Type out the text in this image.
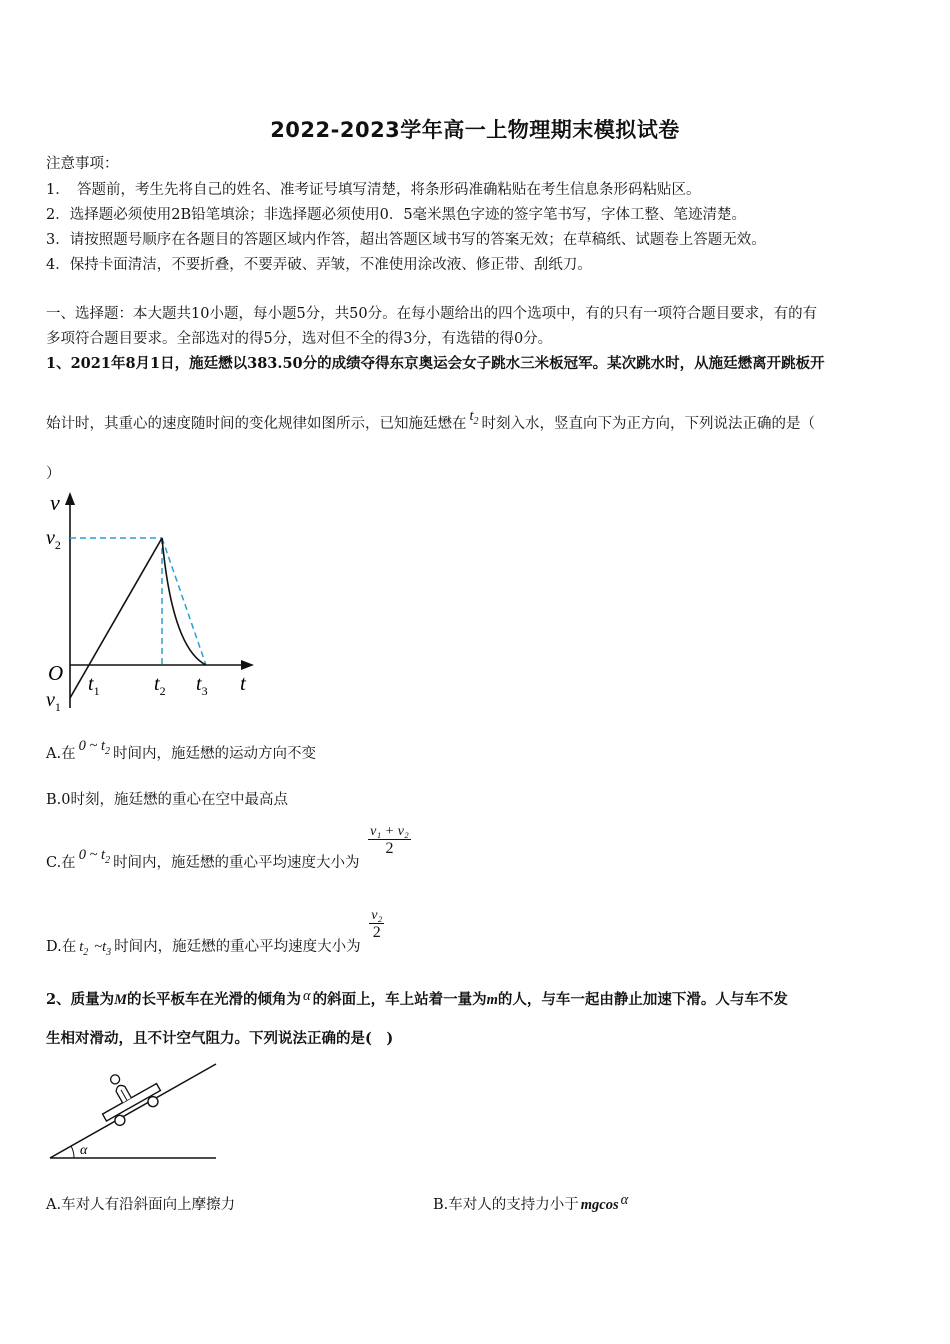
2022-2023学年高一上物理期末模拟试卷
注意事项：
1．　答题前，考生先将自己的姓名、准考证号填写清楚，将条形码准确粘贴在考生信息条形码粘贴区。
2．选择题必须使用2B铅笔填涂；非选择题必须使用0．5毫米黑色字迹的签字笔书写，字体工整、笔迹清楚。
3．请按照题号顺序在各题目的答题区域内作答，超出答题区域书写的答案无效；在草稿纸、试题卷上答题无效。
4．保持卡面清洁，不要折叠，不要弄破、弄皱，不准使用涂改液、修正带、刮纸刀。
一、选择题：本大题共10小题，每小题5分，共50分。在每小题给出的四个选项中，有的只有一项符合题目要求，有的有
多项符合题目要求。全部选对的得5分，选对但不全的得3分，有选错的得0分。
1、2021年8月1日，施廷懋以383.50分的成绩夺得东京奥运会女子跳水三米板冠军。某次跳水时，从施廷懋离开跳板开
始计时，其重心的速度随时间的变化规律如图所示，已知施廷懋在 $t_2$ 时刻入水，竖直向下为正方向，下列说法正确的是（
）
v
$v_2$
O
$v_1$
$t_1$	$t_2$ $t_3$ t
A.在 0 ~ $t_2$ 时间内，施廷懋的运动方向不变
B.0时刻，施廷懋的重心在空中最高点
C.在 0 ~ $t_2$ 时间内，施廷懋的重心平均速度大小为
$\frac{\text{v₁ + v₂}}{2}$
D.在 $t_2$ $\sim t_3$ 时间内，施廷懋的重心平均速度大小为
$\frac{\text{v₂}}{2}$
2、质量为M的长平板车在光滑的倾角为 α 的斜面上，车上站着一量为m的人，与车一起由静止加速下滑。人与车不发
生相对滑动，且不计空气阻力。下列说法正确的是(　)
α
A.车对人有沿斜面向上摩擦力	B.车对人的支持力小于 mgcos α
